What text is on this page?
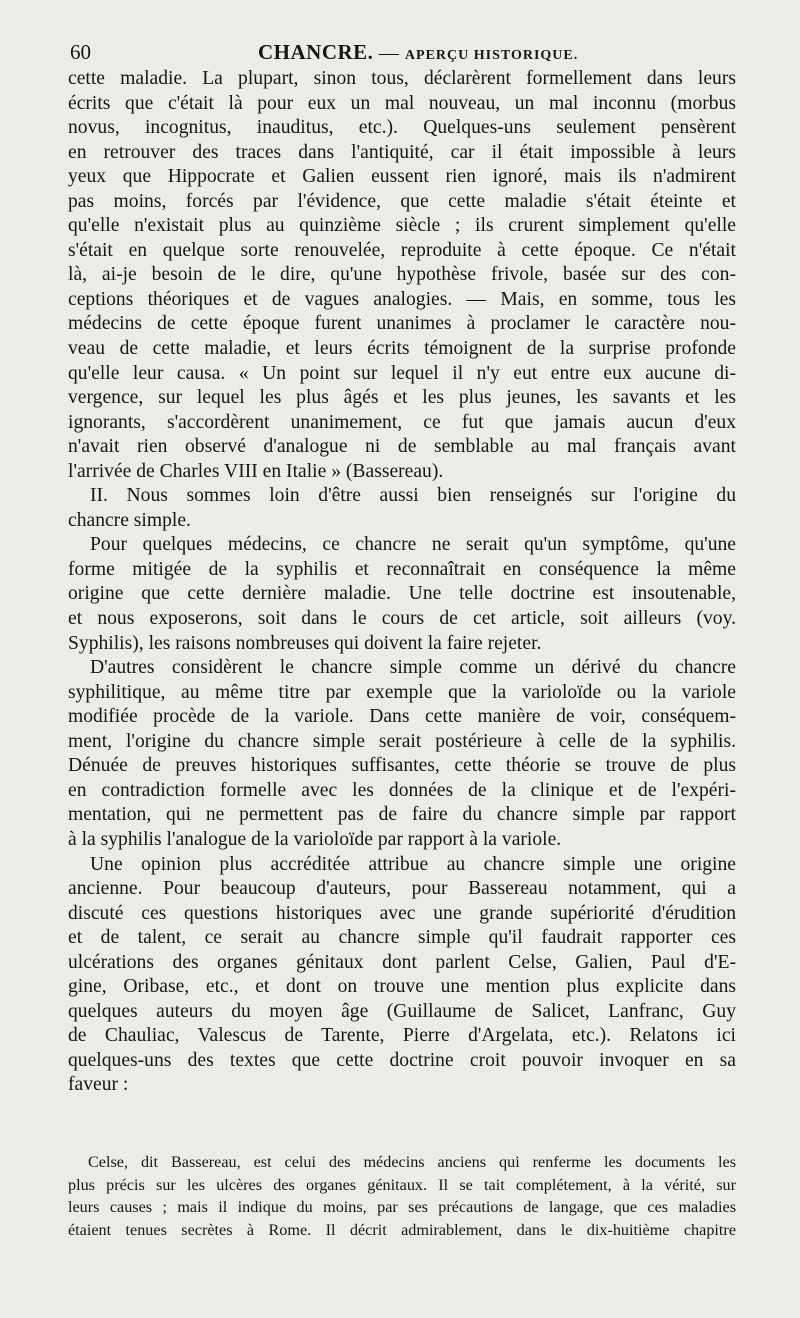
60	CHANCRE. — APERÇU HISTORIQUE.
cette maladie. La plupart, sinon tous, déclarèrent formellement dans leurs
écrits que c'était là pour eux un mal nouveau, un mal inconnu (morbus
novus, incognitus, inauditus, etc.). Quelques-uns seulement pensèrent
en retrouver des traces dans l'antiquité, car il était impossible à leurs
yeux que Hippocrate et Galien eussent rien ignoré, mais ils n'admirent
pas moins, forcés par l'évidence, que cette maladie s'était éteinte et
qu'elle n'existait plus au quinzième siècle ; ils crurent simplement qu'elle
s'était en quelque sorte renouvelée, reproduite à cette époque. Ce n'était
là, ai-je besoin de le dire, qu'une hypothèse frivole, basée sur des con-
ceptions théoriques et de vagues analogies. — Mais, en somme, tous les
médecins de cette époque furent unanimes à proclamer le caractère nou-
veau de cette maladie, et leurs écrits témoignent de la surprise profonde
qu'elle leur causa. « Un point sur lequel il n'y eut entre eux aucune di-
vergence, sur lequel les plus âgés et les plus jeunes, les savants et les
ignorants, s'accordèrent unanimement, ce fut que jamais aucun d'eux
n'avait rien observé d'analogue ni de semblable au mal français avant
l'arrivée de Charles VIII en Italie » (Bassereau).
II. Nous sommes loin d'être aussi bien renseignés sur l'origine du
chancre simple.
Pour quelques médecins, ce chancre ne serait qu'un symptôme, qu'une
forme mitigée de la syphilis et reconnaîtrait en conséquence la même
origine que cette dernière maladie. Une telle doctrine est insoutenable,
et nous exposerons, soit dans le cours de cet article, soit ailleurs (voy.
Syphilis), les raisons nombreuses qui doivent la faire rejeter.
D'autres considèrent le chancre simple comme un dérivé du chancre
syphilitique, au même titre par exemple que la varioloïde ou la variole
modifiée procède de la variole. Dans cette manière de voir, conséquem-
ment, l'origine du chancre simple serait postérieure à celle de la syphilis.
Dénuée de preuves historiques suffisantes, cette théorie se trouve de plus
en contradiction formelle avec les données de la clinique et de l'expéri-
mentation, qui ne permettent pas de faire du chancre simple par rapport
à la syphilis l'analogue de la varioloïde par rapport à la variole.
Une opinion plus accréditée attribue au chancre simple une origine
ancienne. Pour beaucoup d'auteurs, pour Bassereau notamment, qui a
discuté ces questions historiques avec une grande supériorité d'érudition
et de talent, ce serait au chancre simple qu'il faudrait rapporter ces
ulcérations des organes génitaux dont parlent Celse, Galien, Paul d'E-
gine, Oribase, etc., et dont on trouve une mention plus explicite dans
quelques auteurs du moyen âge (Guillaume de Salicet, Lanfranc, Guy
de Chauliac, Valescus de Tarente, Pierre d'Argelata, etc.). Relatons ici
quelques-uns des textes que cette doctrine croit pouvoir invoquer en sa
faveur :
Celse, dit Bassereau, est celui des médecins anciens qui renferme les documents les
plus précis sur les ulcères des organes génitaux. Il se tait complétement, à la vérité, sur
leurs causes ; mais il indique du moins, par ses précautions de langage, que ces maladies
étaient tenues secrètes à Rome. Il décrit admirablement, dans le dix-huitième chapitre
